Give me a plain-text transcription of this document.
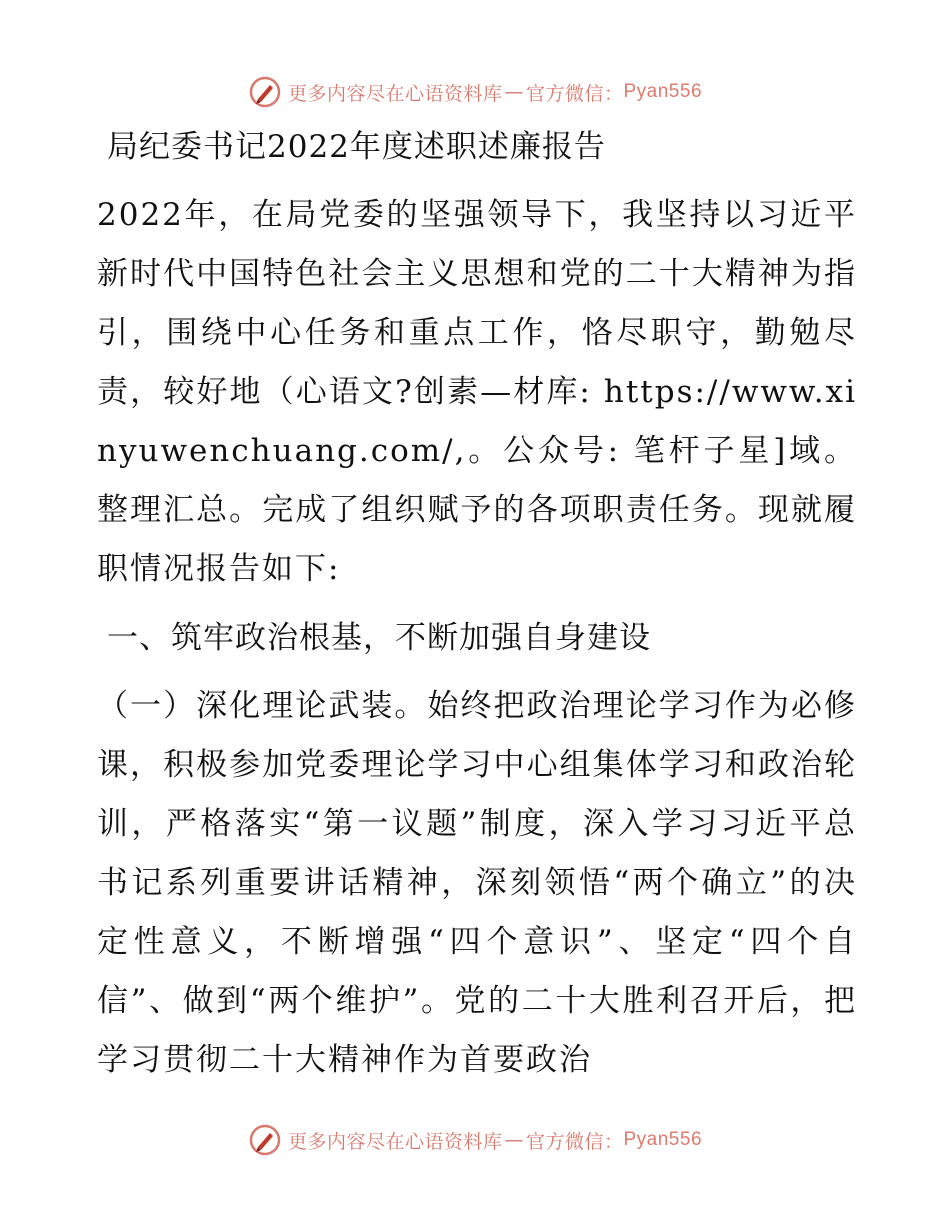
更多内容尽在心语资料库 — 官方微信： Pyan556
局纪委书记2022年度述职述廉报告

2022年，在局党委的坚强领导下，我坚持以习近平新时代中国特色社会主义思想和党的二十大精神为指引，围绕中心任务和重点工作，恪尽职守，勤勉尽责，较好地（心语文?创素—材库: https://www.xinyuwenchuang.com/,。公众号: 笔杆子星]域。整理汇总。完成了组织赋予的各项职责任务。现就履职情况报告如下:

一、筑牢政治根基，不断加强自身建设

（一）深化理论武装。始终把政治理论学习作为必修课，积极参加党委理论学习中心组集体学习和政治轮训，严格落实“第一议题”制度，深入学习习近平总书记系列重要讲话精神，深刻领悟“两个确立”的决定性意义，不断增强“四个意识”、坚定“四个自信”、做到“两个维护”。党的二十大胜利召开后，把学习贯彻二十大精神作为首要政治

更多内容尽在心语资料库 — 官方微信： Pyan556
